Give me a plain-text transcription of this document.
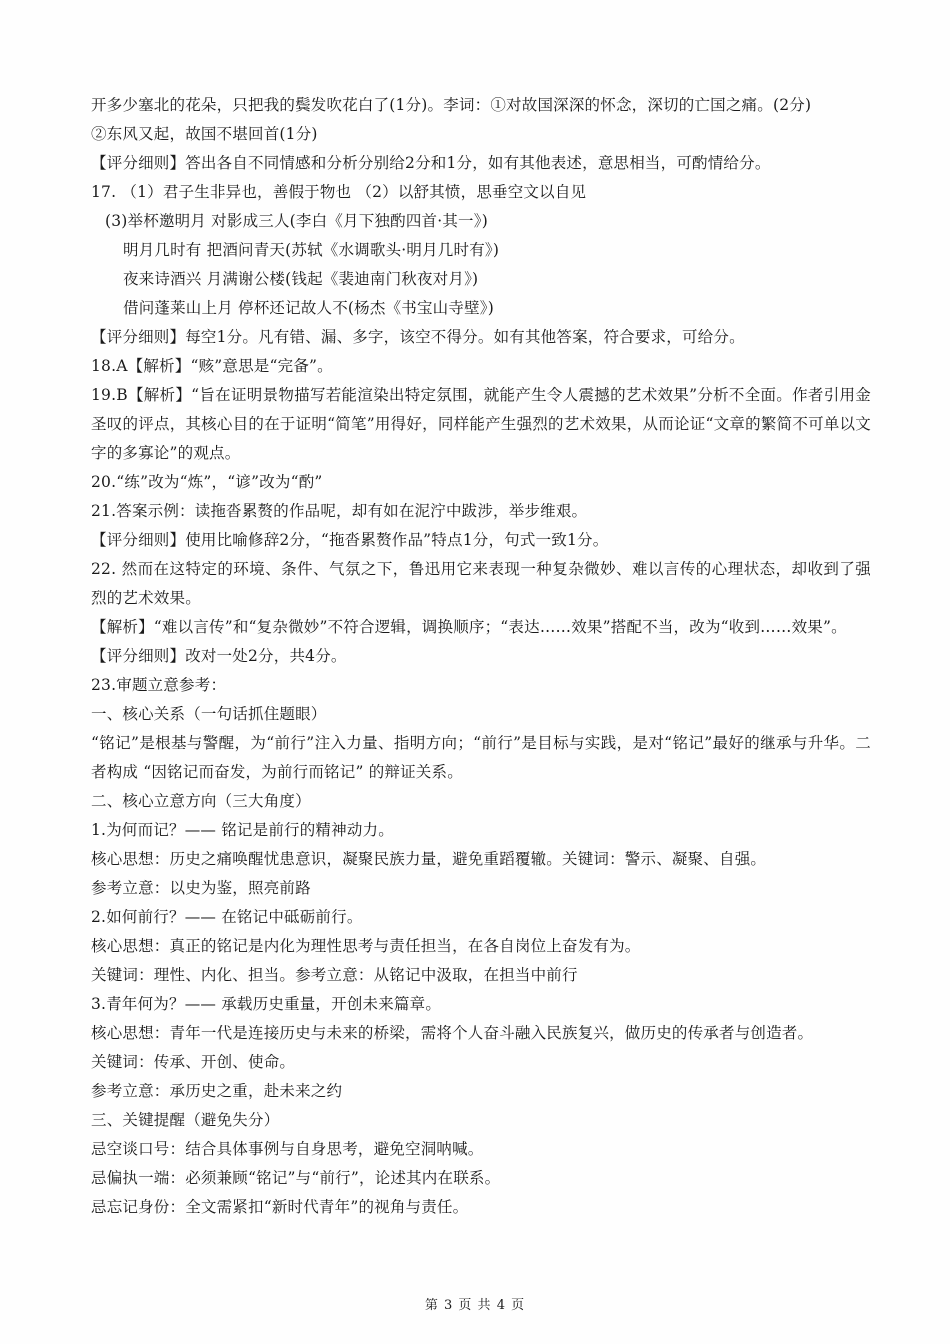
开多少塞北的花朵，只把我的鬓发吹花白了(1分)。李词：①对故国深深的怀念，深切的亡国之痛。(2分)
②东风又起，故国不堪回首(1分)
【评分细则】答出各自不同情感和分析分别给2分和1分，如有其他表述，意思相当，可酌情给分。
17. （1）君子生非异也，善假于物也 （2）以舒其愤，思垂空文以自见
(3)举杯邀明月 对影成三人(李白《月下独酌四首·其一》)
明月几时有 把酒问青天(苏轼《水调歌头·明月几时有》)
夜来诗酒兴 月满谢公楼(钱起《裴迪南门秋夜对月》)
借问蓬莱山上月 停杯还记故人不(杨杰《书宝山寺壁》)
【评分细则】每空1分。凡有错、漏、多字，该空不得分。如有其他答案，符合要求，可给分。
18.A【解析】“赅”意思是“完备”。
19.B【解析】“旨在证明景物描写若能渲染出特定氛围，就能产生令人震撼的艺术效果”分析不全面。作者引用金圣叹的评点，其核心目的在于证明“简笔”用得好，同样能产生强烈的艺术效果，从而论证“文章的繁简不可单以文字的多寡论”的观点。
20.“练”改为“炼”，“谚”改为“酌”
21.答案示例：读拖沓累赘的作品呢，却有如在泥泞中跋涉，举步维艰。
【评分细则】使用比喻修辞2分，“拖沓累赘作品”特点1分，句式一致1分。
22. 然而在这特定的环境、条件、气氛之下，鲁迅用它来表现一种复杂微妙、难以言传的心理状态，却收到了强烈的艺术效果。
【解析】“难以言传”和“复杂微妙”不符合逻辑，调换顺序；“表达……效果”搭配不当，改为“收到……效果”。
【评分细则】改对一处2分，共4分。
23.审题立意参考：
一、核心关系（一句话抓住题眼）
“铭记”是根基与警醒，为“前行”注入力量、指明方向；“前行”是目标与实践，是对“铭记”最好的继承与升华。二者构成 “因铭记而奋发，为前行而铭记” 的辩证关系。
二、核心立意方向（三大角度）
1.为何而记？—— 铭记是前行的精神动力。
核心思想：历史之痛唤醒忧患意识，凝聚民族力量，避免重蹈覆辙。关键词：警示、凝聚、自强。
参考立意：以史为鉴，照亮前路
2.如何前行？—— 在铭记中砥砺前行。
核心思想：真正的铭记是内化为理性思考与责任担当，在各自岗位上奋发有为。
关键词：理性、内化、担当。参考立意：从铭记中汲取，在担当中前行
3.青年何为？—— 承载历史重量，开创未来篇章。
核心思想：青年一代是连接历史与未来的桥梁，需将个人奋斗融入民族复兴，做历史的传承者与创造者。
关键词：传承、开创、使命。
参考立意：承历史之重，赴未来之约
三、关键提醒（避免失分）
忌空谈口号：结合具体事例与自身思考，避免空洞呐喊。
忌偏执一端：必须兼顾“铭记”与“前行”，论述其内在联系。
忌忘记身份：全文需紧扣“新时代青年”的视角与责任。
第 3 页 共 4 页
